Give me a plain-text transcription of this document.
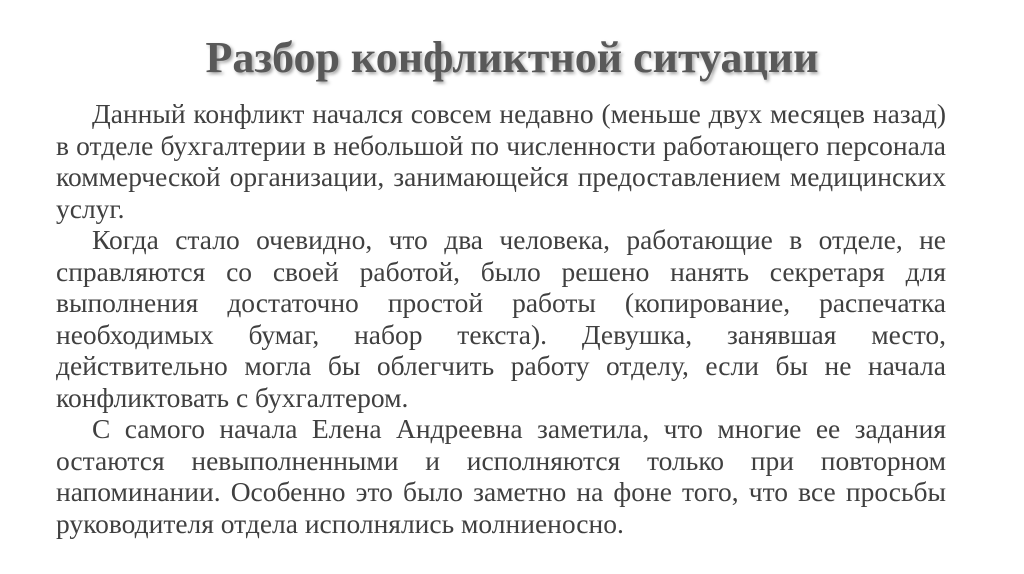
Разбор конфликтной ситуации

Данный конфликт начался совсем недавно (меньше двух месяцев назад) в отделе бухгалтерии в небольшой по численности работающего персонала коммерческой организации, занимающейся предоставлением медицинских услуг.

Когда стало очевидно, что два человека, работающие в отделе, не справляются со своей работой, было решено нанять секретаря для выполнения достаточно простой работы (копирование, распечатка необходимых бумаг, набор текста). Девушка, занявшая место, действительно могла бы облегчить работу отделу, если бы не начала конфликтовать с бухгалтером.

С самого начала Елена Андреевна заметила, что многие ее задания остаются невыполненными и исполняются только при повторном напоминании. Особенно это было заметно на фоне того, что все просьбы руководителя отдела исполнялись молниеносно.
